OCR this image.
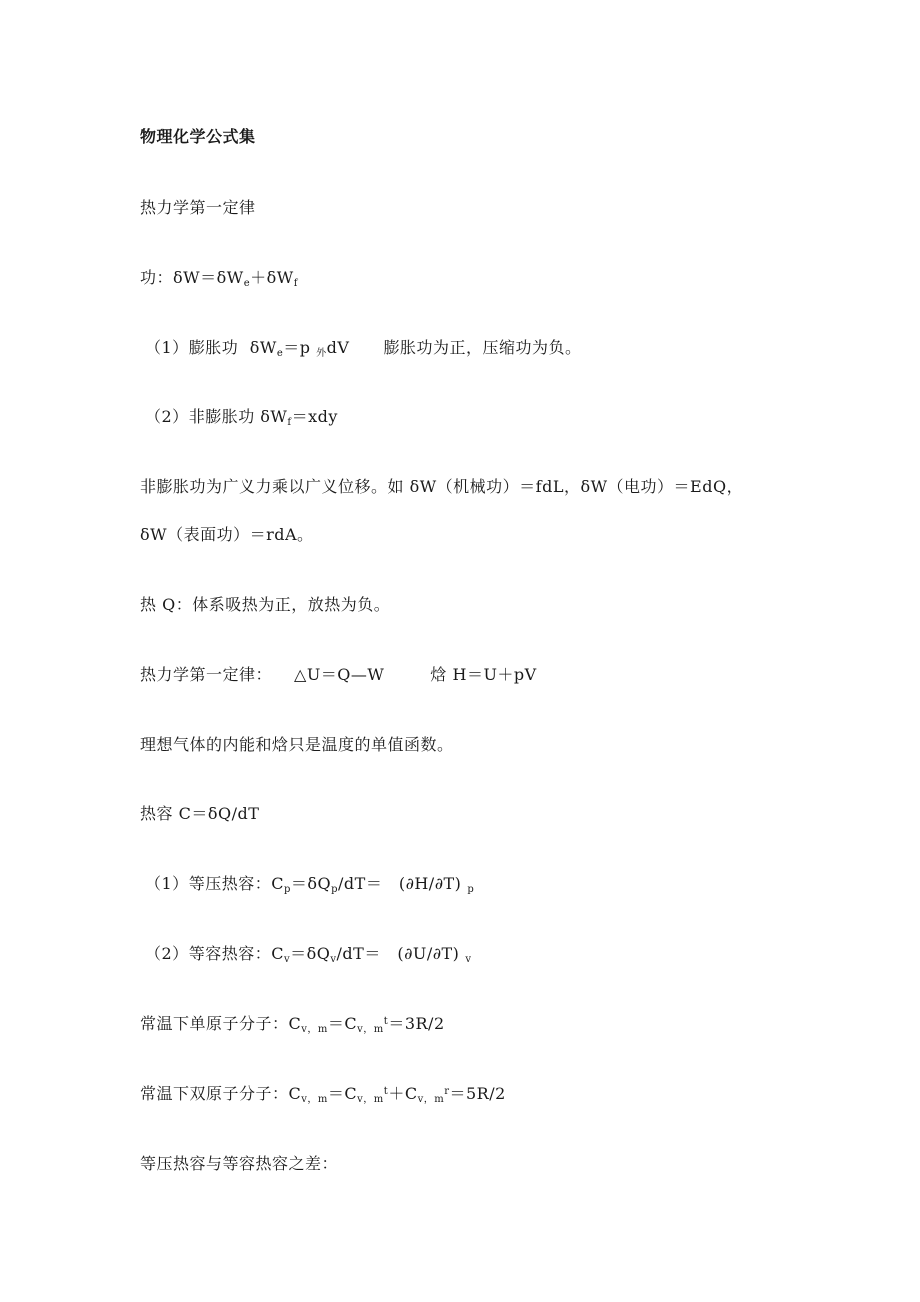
物理化学公式集
热力学第一定律
功：$\delta W=\delta W_e+\delta W_f$
（1）膨胀功 $\delta W_e=p$ $_外$dV 膨胀功为正，压缩功为负。
（2）非膨胀功 $\delta W_f=xdy$
非膨胀功为广义力乘以广义位移。如 δW（机械功）＝fdL，δW（电功）＝EdQ，
δW（表面功）＝rdA。
热 Q：体系吸热为正，放热为负。
热力学第一定律： △U＝Q—W	焓 H＝U＋pV
理想气体的内能和焓只是温度的单值函数。
热容 C＝δQ/dT
（1）等压热容：$C_p=\delta Q_p/dT=$　(∂H/∂T) $_p$
（2）等容热容：$C_v=\delta Q_v/dT=$　(∂U/∂T) $_v$
常温下单原子分子：$C_{v,m}=C_{v,m}^t=3R/2$
常温下双原子分子：$C_{v,m}=C_{v,m}^t+C_{v,m}^r=5R/2$
等压热容与等容热容之差：
